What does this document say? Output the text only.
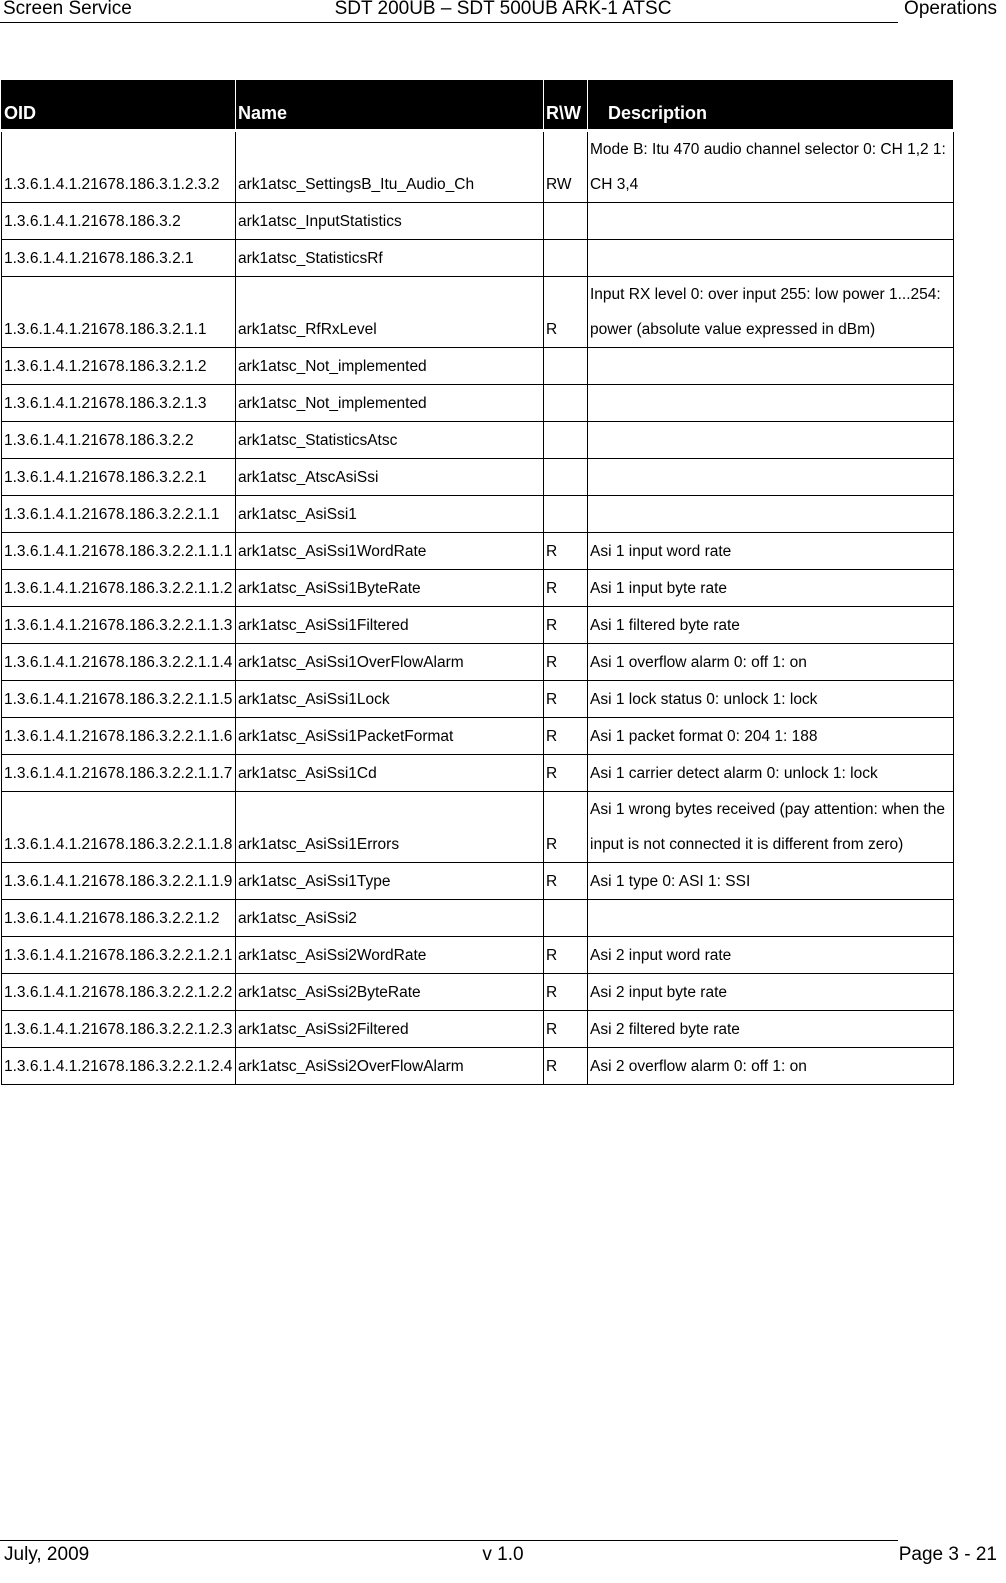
Screen Service	SDT 200UB – SDT 500UB ARK-1 ATSC	Operations
OID	Name	R\W	Description
1.3.6.1.4.1.21678.186.3.1.2.3.2	ark1atsc_SettingsB_Itu_Audio_Ch	RW	Mode B: Itu 470 audio channel selector 0: CH 1,2 1: CH 3,4
1.3.6.1.4.1.21678.186.3.2	ark1atsc_InputStatistics		
1.3.6.1.4.1.21678.186.3.2.1	ark1atsc_StatisticsRf		
1.3.6.1.4.1.21678.186.3.2.1.1	ark1atsc_RfRxLevel	R	Input RX level 0: over input 255: low power 1...254: power (absolute value expressed in dBm)
1.3.6.1.4.1.21678.186.3.2.1.2	ark1atsc_Not_implemented		
1.3.6.1.4.1.21678.186.3.2.1.3	ark1atsc_Not_implemented		
1.3.6.1.4.1.21678.186.3.2.2	ark1atsc_StatisticsAtsc		
1.3.6.1.4.1.21678.186.3.2.2.1	ark1atsc_AtscAsiSsi		
1.3.6.1.4.1.21678.186.3.2.2.1.1	ark1atsc_AsiSsi1		
1.3.6.1.4.1.21678.186.3.2.2.1.1.1	ark1atsc_AsiSsi1WordRate	R	Asi 1 input word rate
1.3.6.1.4.1.21678.186.3.2.2.1.1.2	ark1atsc_AsiSsi1ByteRate	R	Asi 1 input byte rate
1.3.6.1.4.1.21678.186.3.2.2.1.1.3	ark1atsc_AsiSsi1Filtered	R	Asi 1 filtered byte rate
1.3.6.1.4.1.21678.186.3.2.2.1.1.4	ark1atsc_AsiSsi1OverFlowAlarm	R	Asi 1 overflow alarm 0: off 1: on
1.3.6.1.4.1.21678.186.3.2.2.1.1.5	ark1atsc_AsiSsi1Lock	R	Asi 1 lock status 0: unlock 1: lock
1.3.6.1.4.1.21678.186.3.2.2.1.1.6	ark1atsc_AsiSsi1PacketFormat	R	Asi 1 packet format 0: 204 1: 188
1.3.6.1.4.1.21678.186.3.2.2.1.1.7	ark1atsc_AsiSsi1Cd	R	Asi 1 carrier detect alarm 0: unlock 1: lock
1.3.6.1.4.1.21678.186.3.2.2.1.1.8	ark1atsc_AsiSsi1Errors	R	Asi 1 wrong bytes received (pay attention: when the input is not connected it is different from zero)
1.3.6.1.4.1.21678.186.3.2.2.1.1.9	ark1atsc_AsiSsi1Type	R	Asi 1 type 0: ASI 1: SSI
1.3.6.1.4.1.21678.186.3.2.2.1.2	ark1atsc_AsiSsi2		
1.3.6.1.4.1.21678.186.3.2.2.1.2.1	ark1atsc_AsiSsi2WordRate	R	Asi 2 input word rate
1.3.6.1.4.1.21678.186.3.2.2.1.2.2	ark1atsc_AsiSsi2ByteRate	R	Asi 2 input byte rate
1.3.6.1.4.1.21678.186.3.2.2.1.2.3	ark1atsc_AsiSsi2Filtered	R	Asi 2 filtered byte rate
1.3.6.1.4.1.21678.186.3.2.2.1.2.4	ark1atsc_AsiSsi2OverFlowAlarm	R	Asi 2 overflow alarm 0: off 1: on
July, 2009	v 1.0	Page 3 - 21
